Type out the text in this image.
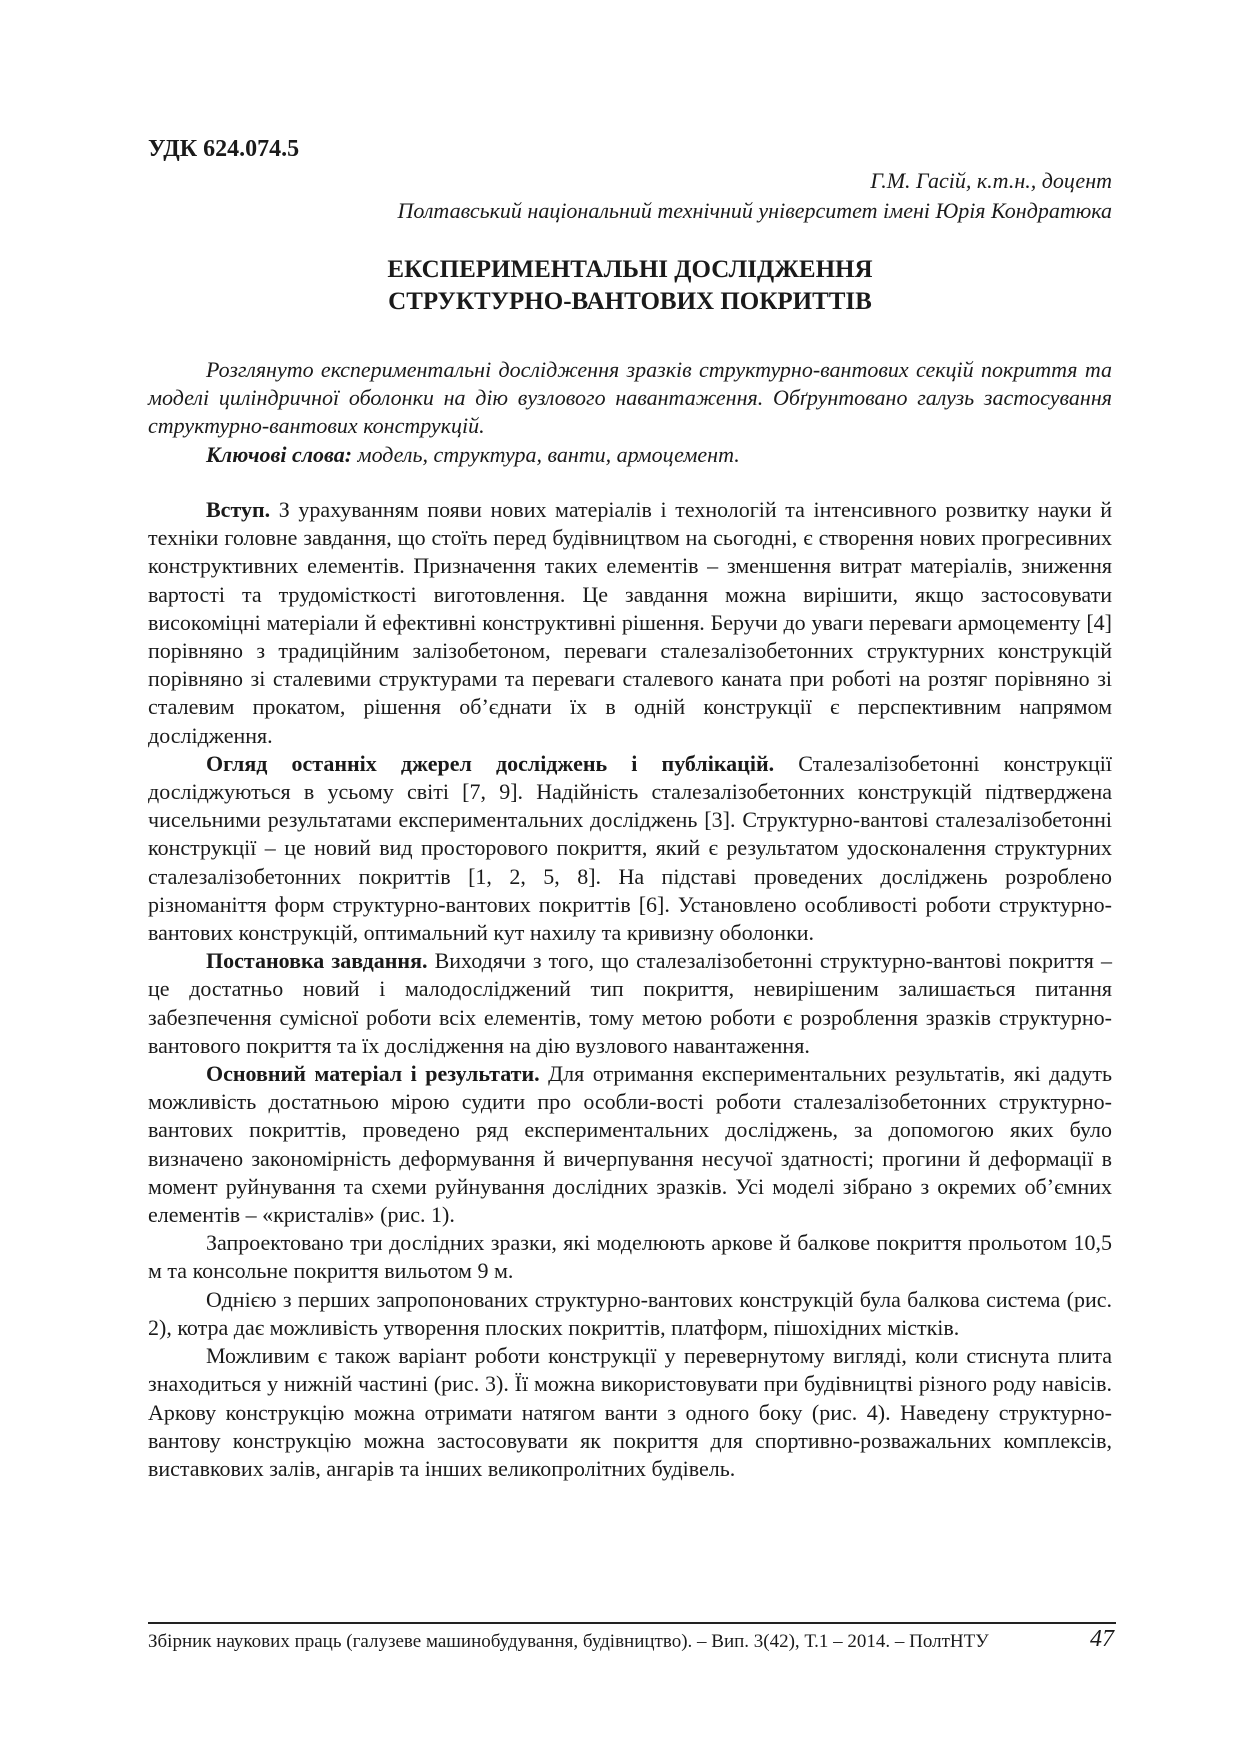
УДК 624.074.5
Г.М. Гасій, к.т.н., доцент
Полтавський національний технічний університет імені Юрія Кондратюка
ЕКСПЕРИМЕНТАЛЬНІ ДОСЛІДЖЕННЯ
СТРУКТУРНО-ВАНТОВИХ ПОКРИТТІВ

Розглянуто експериментальні дослідження зразків структурно-вантових секцій покриття та моделі циліндричної оболонки на дію вузлового навантаження. Обґрунтовано галузь застосування структурно-вантових конструкцій.

Ключові слова: модель, структура, ванти, армоцемент.

Вступ. З урахуванням появи нових матеріалів і технологій та інтенсивного розвитку науки й техніки головне завдання, що стоїть перед будівництвом на сьогодні, є створення нових прогресивних конструктивних елементів. Призначення таких елементів – зменшення витрат матеріалів, зниження вартості та трудомісткості виготовлення. Це завдання можна вирішити, якщо застосовувати високоміцні матеріали й ефективні конструктивні рішення. Беручи до уваги переваги армоцементу [4] порівняно з традиційним залізобетоном, переваги сталезалізобетонних структурних конструкцій порівняно зі сталевими структурами та переваги сталевого каната при роботі на розтяг порівняно зі сталевим прокатом, рішення об’єднати їх в одній конструкції є перспективним напрямом дослідження.

Огляд останніх джерел досліджень і публікацій. Сталезалізобетонні конструкції досліджуються в усьому світі [7, 9]. Надійність сталезалізобетонних конструкцій підтверджена чисельними результатами експериментальних досліджень [3]. Структурно-вантові сталезалізобетонні конструкції – це новий вид просторового покриття, який є результатом удосконалення структурних сталезалізобетонних покриттів [1, 2, 5, 8]. На підставі проведених досліджень розроблено різноманіття форм структурно-вантових покриттів [6]. Установлено особливості роботи структурно-вантових конструкцій, оптимальний кут нахилу та кривизну оболонки.

Постановка завдання. Виходячи з того, що сталезалізобетонні структурно-вантові покриття – це достатньо новий і малодосліджений тип покриття, невирішеним залишається питання забезпечення сумісної роботи всіх елементів, тому метою роботи є розроблення зразків структурно-вантового покриття та їх дослідження на дію вузлового навантаження.

Основний матеріал і результати. Для отримання експериментальних результатів, які дадуть можливість достатньою мірою судити про особли-вості роботи сталезалізобетонних структурно-вантових покриттів, проведено ряд експериментальних досліджень, за допомогою яких було визначено закономірність деформування й вичерпування несучої здатності; прогини й деформації в момент руйнування та схеми руйнування дослідних зразків. Усі моделі зібрано з окремих об’ємних елементів – «кристалів» (рис. 1).

Запроектовано три дослідних зразки, які моделюють аркове й балкове покриття прольотом 10,5 м та консольне покриття вильотом 9 м.

Однією з перших запропонованих структурно-вантових конструкцій була балкова система (рис. 2), котра дає можливість утворення плоских покриттів, платформ, пішохідних містків.

Можливим є також варіант роботи конструкції у перевернутому вигляді, коли стиснута плита знаходиться у нижній частині (рис. 3). Її можна використовувати при будівництві різного роду навісів. Аркову конструкцію можна отримати натягом ванти з одного боку (рис. 4). Наведену структурно-вантову конструкцію можна застосовувати як покриття для спортивно-розважальних комплексів, виставкових залів, ангарів та інших великопролітних будівель.

Збірник наукових праць (галузеве машинобудування, будівництво). – Вип. 3(42), Т.1 – 2014. – ПолтНТУ	47
